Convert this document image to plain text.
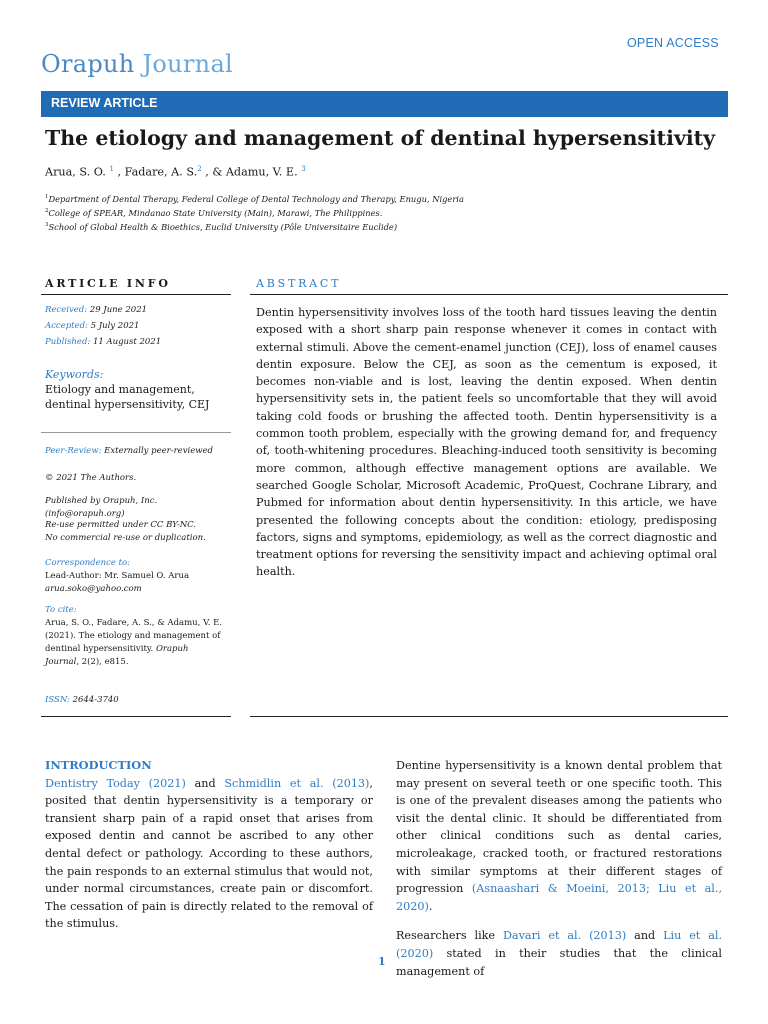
OPEN ACCESS
Orapuh Journal
REVIEW ARTICLE
The etiology and management of dentinal hypersensitivity
Arua, S. O. $^1$ , Fadare, A. S.$^2$ , & Adamu, V. E. $^3$
$^1$Department of Dental Therapy, Federal College of Dental Technology and Therapy, Enugu, Nigeria
$^2$College of SPEAR, Mindanao State University (Main), Marawi, The Philippines.
$^3$School of Global Health & Bioethics, Euclid University (Pôle Universitaire Euclide)
ARTICLE INFO	ABSTRACT
Received: 29 June 2021
Accepted: 5 July 2021
Published: 11 August 2021
Keywords:
Etiology and management, dentinal hypersensitivity, CEJ
Peer-Review: Externally peer-reviewed
© 2021 The Authors.
Published by Orapuh, Inc. (info@orapuh.org)
Re-use permitted under CC BY-NC.
No commercial re-use or duplication.
Correspondence to:
Lead-Author: Mr. Samuel O. Arua
arua.soko@yahoo.com
To cite:
Arua, S. O., Fadare, A. S., & Adamu, V. E. (2021). The etiology and management of dentinal hypersensitivity. Orapuh Journal, 2(2), e815.
ISSN: 2644-3740
Dentin hypersensitivity involves loss of the tooth hard tissues leaving the dentin exposed with a short sharp pain response whenever it comes in contact with external stimuli. Above the cement-enamel junction (CEJ), loss of enamel causes dentin exposure. Below the CEJ, as soon as the cementum is exposed, it becomes non-viable and is lost, leaving the dentin exposed. When dentin hypersensitivity sets in, the patient feels so uncomfortable that they will avoid taking cold foods or brushing the affected tooth. Dentin hypersensitivity is a common tooth problem, especially with the growing demand for, and frequency of, tooth-whitening procedures. Bleaching-induced tooth sensitivity is becoming more common, although effective management options are available. We searched Google Scholar, Microsoft Academic, ProQuest, Cochrane Library, and Pubmed for information about dentin hypersensitivity. In this article, we have presented the following concepts about the condition: etiology, predisposing factors, signs and symptoms, epidemiology, as well as the correct diagnostic and treatment options for reversing the sensitivity impact and achieving optimal oral health.
INTRODUCTION

Dentistry Today (2021) and Schmidlin et al. (2013), posited that dentin hypersensitivity is a temporary or transient sharp pain of a rapid onset that arises from exposed dentin and cannot be ascribed to any other dental defect or pathology. According to these authors, the pain responds to an external stimulus that would not, under normal circumstances, create pain or discomfort. The cessation of pain is directly related to the removal of the stimulus.

Dentine hypersensitivity is a known dental problem that may present on several teeth or one specific tooth. This is one of the prevalent diseases among the patients who visit the dental clinic. It should be differentiated from other clinical conditions such as dental caries, microleakage, cracked tooth, or fractured restorations with similar symptoms at their different stages of progression (Asnaashari & Moeini, 2013; Liu et al., 2020).

Researchers like Davari et al. (2013) and Liu et al. (2020) stated in their studies that the clinical management of

1
